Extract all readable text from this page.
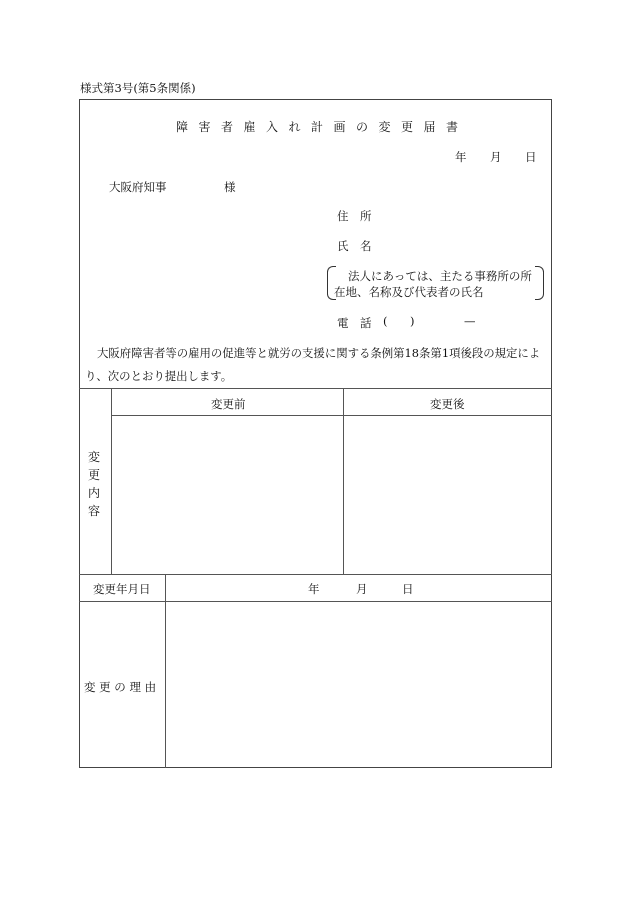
様式第3号(第5条関係)
障 害 者 雇 入 れ 計 画 の 変 更 届 書
年 月 日
大阪府知事	様
住　所
氏　名
法人にあっては、主たる事務所の所
在地、名称及び代表者の氏名
電　話 ( )	—
大阪府障害者等の雇用の促進等と就労の支援に関する条例第18条第1項後段の規定によ
り、次のとおり提出します。
変
更
内
容
変更前	変更後
変更年月日	年	月	日
変 更 の 理 由
